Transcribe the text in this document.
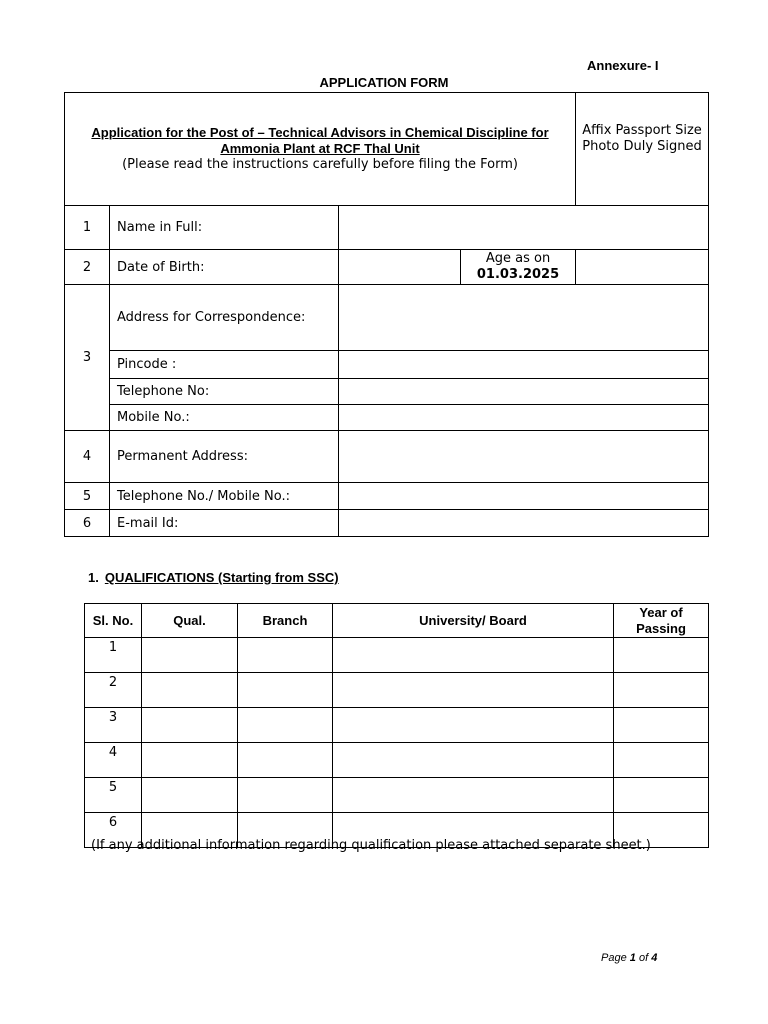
Annexure- I
APPLICATION FORM
Application for the Post of – Technical Advisors in Chemical Discipline for Ammonia Plant at RCF Thal Unit
(Please read the instructions carefully before filing the Form)				Affix Passport Size Photo Duly Signed
1	Name in Full:			
2	Date of Birth:		Age as on
01.03.2025	
3	Address for Correspondence:			
	Pincode :			
	Telephone No:			
	Mobile No.:			
4	Permanent Address:			
5	Telephone No./ Mobile No.:			
6	E-mail Id:			
1. QUALIFICATIONS (Starting from SSC)
Sl. No.	Qual.	Branch	University/ Board	Year of Passing
1				
2				
3				
4				
5				
6				
(If any additional information regarding qualification please attached separate sheet.)
Page 1 of 4
